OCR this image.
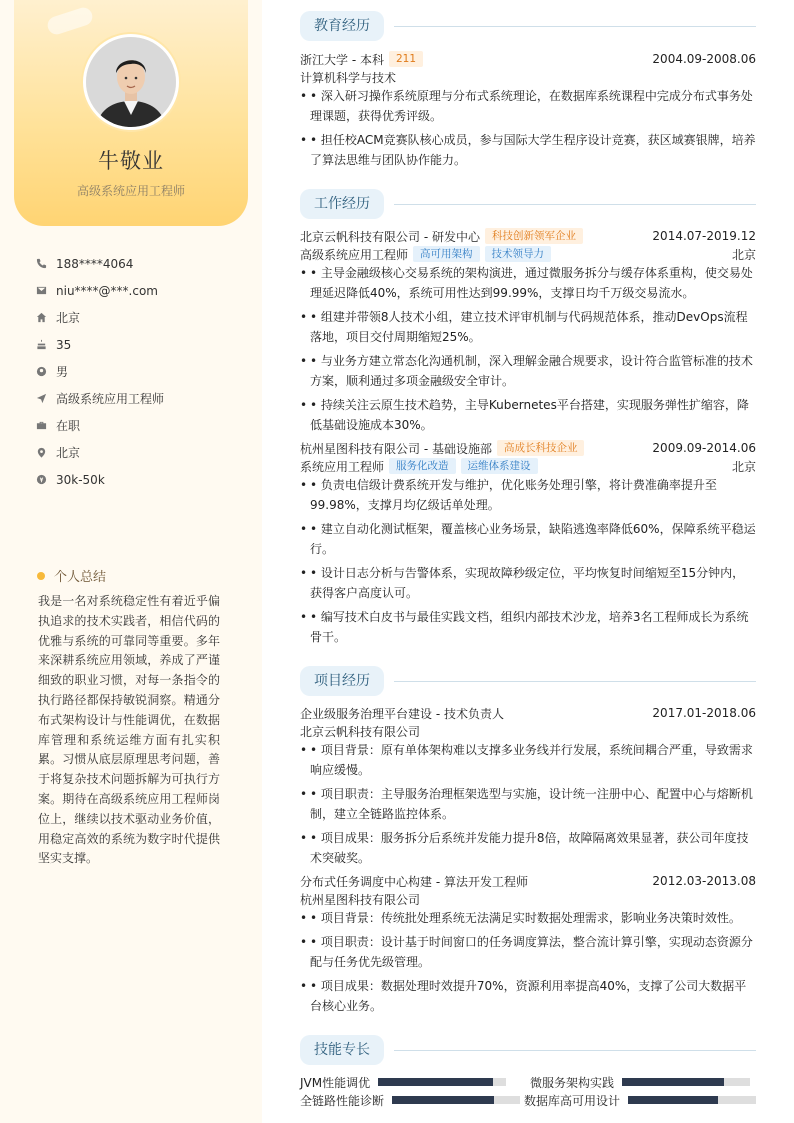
牛敬业
高级系统应用工程师
188****4064
niu****@***.com
北京
35
男
高级系统应用工程师
在职
北京
30k-50k
个人总结
我是一名对系统稳定性有着近乎偏执追求的技术实践者，相信代码的优雅与系统的可靠同等重要。多年来深耕系统应用领域，养成了严谨细致的职业习惯，对每一条指令的执行路径都保持敏锐洞察。精通分布式架构设计与性能调优，在数据库管理和系统运维方面有扎实积累。习惯从底层原理思考问题，善于将复杂技术问题拆解为可执行方案。期待在高级系统应用工程师岗位上，继续以技术驱动业务价值，用稳定高效的系统为数字时代提供坚实支撑。
教育经历
浙江大学 - 本科	211	2004.09-2008.06
计算机科学与技术
• • 深入研习操作系统原理与分布式系统理论，在数据库系统课程中完成分布式事务处理课题，获得优秀评级。
• • 担任校ACM竞赛队核心成员，参与国际大学生程序设计竞赛，获区域赛银牌，培养了算法思维与团队协作能力。
工作经历
北京云帆科技有限公司 - 研发中心	科技创新领军企业	2014.07-2019.12
高级系统应用工程师	高可用架构	技术领导力	北京
• • 主导金融级核心交易系统的架构演进，通过微服务拆分与缓存体系重构，使交易处理延迟降低40%，系统可用性达到99.99%，支撑日均千万级交易流水。
• • 组建并带领8人技术小组，建立技术评审机制与代码规范体系，推动DevOps流程落地，项目交付周期缩短25%。
• • 与业务方建立常态化沟通机制，深入理解金融合规要求，设计符合监管标准的技术方案，顺利通过多项金融级安全审计。
• • 持续关注云原生技术趋势，主导Kubernetes平台搭建，实现服务弹性扩缩容，降低基础设施成本30%。
杭州星图科技有限公司 - 基础设施部	高成长科技企业	2009.09-2014.06
系统应用工程师	服务化改造	运维体系建设	北京
• • 负责电信级计费系统开发与维护，优化账务处理引擎，将计费准确率提升至99.98%，支撑月均亿级话单处理。
• • 建立自动化测试框架，覆盖核心业务场景，缺陷逃逸率降低60%，保障系统平稳运行。
• • 设计日志分析与告警体系，实现故障秒级定位，平均恢复时间缩短至15分钟内，获得客户高度认可。
• • 编写技术白皮书与最佳实践文档，组织内部技术沙龙，培养3名工程师成长为系统骨干。
项目经历
企业级服务治理平台建设 - 技术负责人	2017.01-2018.06
北京云帆科技有限公司
• • 项目背景：原有单体架构难以支撑多业务线并行发展，系统间耦合严重，导致需求响应缓慢。
• • 项目职责：主导服务治理框架选型与实施，设计统一注册中心、配置中心与熔断机制，建立全链路监控体系。
• • 项目成果：服务拆分后系统并发能力提升8倍，故障隔离效果显著，获公司年度技术突破奖。
分布式任务调度中心构建 - 算法开发工程师	2012.03-2013.08
杭州星图科技有限公司
• • 项目背景：传统批处理系统无法满足实时数据处理需求，影响业务决策时效性。
• • 项目职责：设计基于时间窗口的任务调度算法，整合流计算引擎，实现动态资源分配与任务优先级管理。
• • 项目成果：数据处理时效提升70%，资源利用率提高40%，支撑了公司大数据平台核心业务。
技能专长
JVM性能调优	微服务架构实践
全链路性能诊断	数据库高可用设计
